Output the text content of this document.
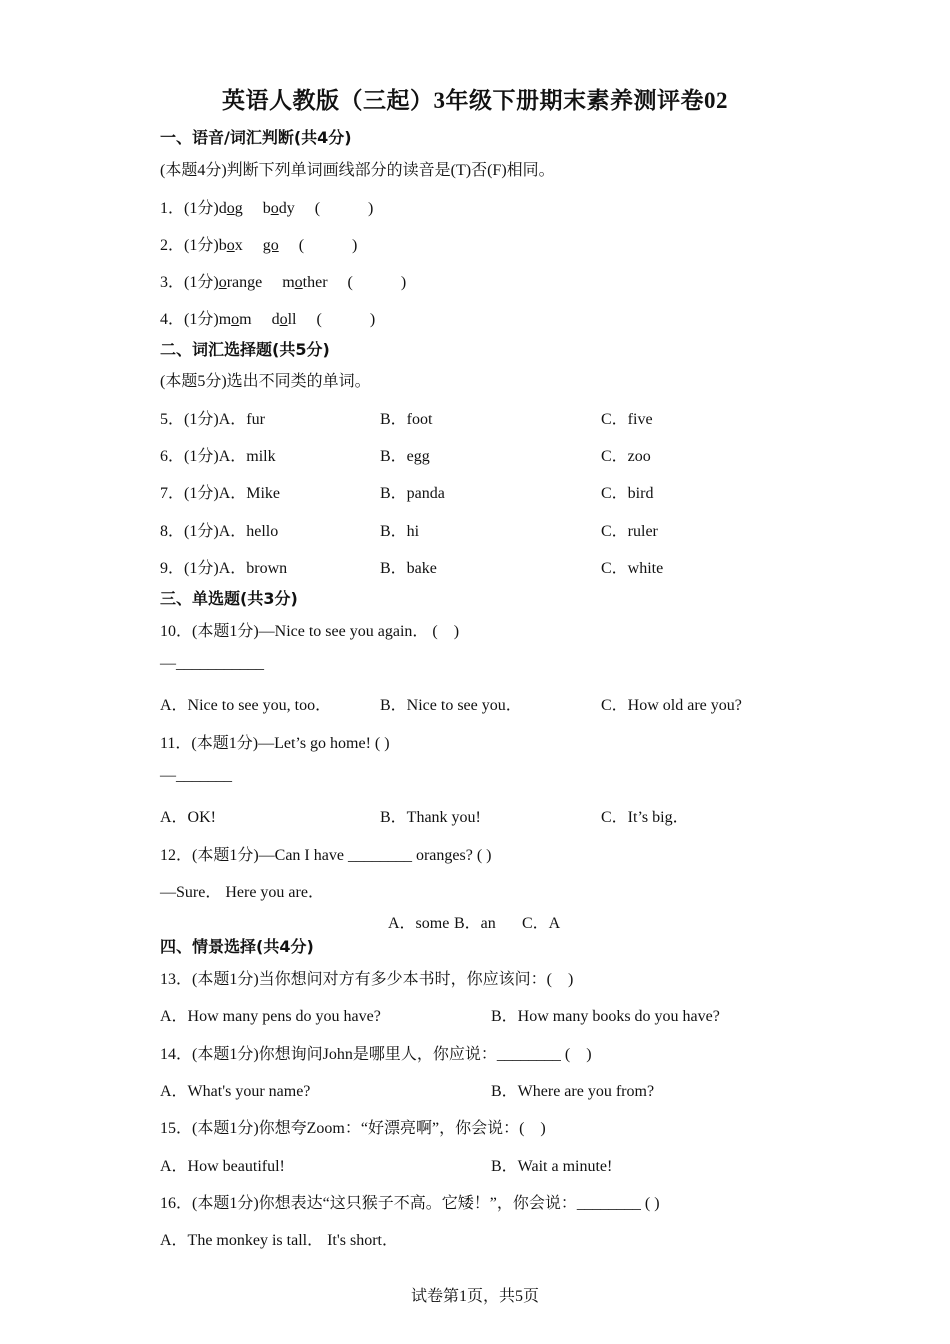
英语人教版（三起）3年级下册期末素养测评卷02
一、语音/词汇判断(共4分)
(本题4分)判断下列单词画线部分的读音是(T)否(F)相同。
1．(1分)dog body (　　　)
2．(1分)box go (　　　)
3．(1分)orange mother (　　　)
4．(1分)mom doll (　　　)
二、词汇选择题(共5分)
(本题5分)选出不同类的单词。
5．(1分)A．fur	B．foot	C．five
6．(1分)A．milk	B．egg	C．zoo
7．(1分)A．Mike	B．panda	C．bird
8．(1分)A．hello	B．hi	C．ruler
9．(1分)A．brown	B．bake	C．white
三、单选题(共3分)
10．(本题1分)—Nice to see you again． (　)
—___________
A．Nice to see you, too．	B．Nice to see you．	C．How old are you?
11．(本题1分)—Let’s go home! ( )
—_______
A．OK!	B．Thank you!	C．It’s big．
12．(本题1分)—Can I have ________ oranges? ( )
—Sure． Here you are．
A．some B．an C．A
四、情景选择(共4分)
13．(本题1分)当你想问对方有多少本书时，你应该问：(　)
A．How many pens do you have?	B．How many books do you have?
14．(本题1分)你想询问John是哪里人，你应说：________ (　)
A．What's your name?	B．Where are you from?
15．(本题1分)你想夸Zoom：“好漂亮啊”，你会说：(　)
A．How beautiful!	B．Wait a minute!
16．(本题1分)你想表达“这只猴子不高。它矮！”，你会说：________ ( )
A．The monkey is tall． It's short．
试卷第1页，共5页
